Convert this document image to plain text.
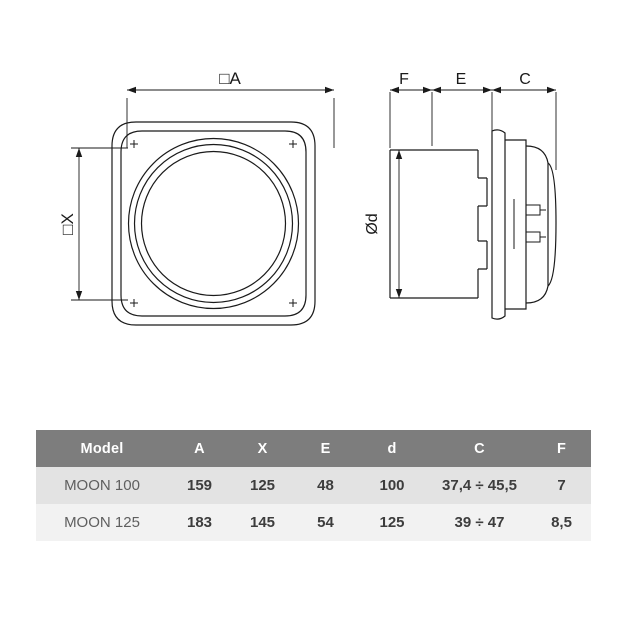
□A
□X
F	E	C
Ød
Model	A	X	E	d	C	F
MOON 100	159	125	48	100	37,4 ÷ 45,5	7
MOON 125	183	145	54	125	39 ÷ 47	8,5
